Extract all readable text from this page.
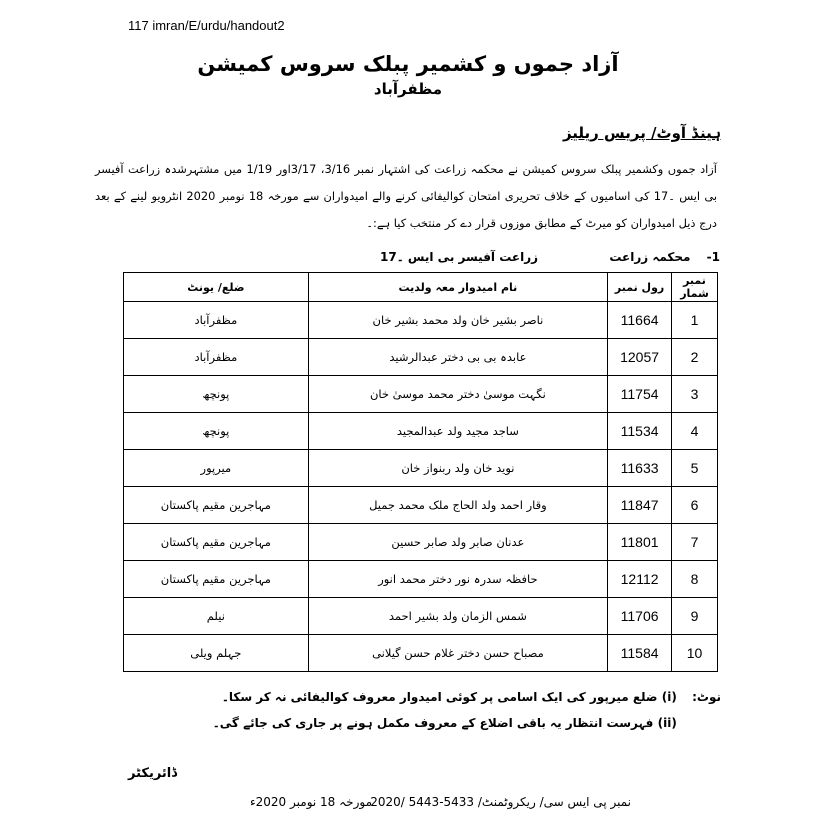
117 imran/E/urdu/handout2
آزاد جموں و کشمیر پبلک سروس کمیشن
مظفرآباد
ہینڈ آوٹ/ پریس ریلیز
آزاد جموں وکشمیر پبلک سروس کمیشن نے محکمہ زراعت کی اشتہار نمبر 3/16، 3/17اور 1/19 میں مشتہرشدہ زراعت آفیسر بی ایس ۔17 کی اسامیوں کے خلاف تحریری امتحان کوالیفائی کرنے والے امیدواران سے مورخہ 18 نومبر 2020 انٹرویو لینے کے بعد درج ذیل امیدواران کو میرٹ کے مطابق موزوں قرار دے کر منتخب کیا ہے:۔
1- محکمہ زراعت
زراعت آفیسر بی ایس ۔17
نمبر شمار	رول نمبر	نام امیدوار معہ ولدیت	ضلع/ یونٹ
1	11664	ناصر بشیر خان ولد محمد بشیر خان	مظفرآباد
2	12057	عابدہ بی بی دختر عبدالرشید	مظفرآباد
3	11754	نگہت موسیٰ دختر محمد موسیٰ خان	پونچھ
4	11534	ساجد مجید ولد عبدالمجید	پونچھ
5	11633	نوید خان ولد ربنواز خان	میرپور
6	11847	وقار احمد ولد الحاج ملک محمد جمیل	مہاجرین مقیم پاکستان
7	11801	عدنان صابر ولد صابر حسین	مہاجرین مقیم پاکستان
8	12112	حافظہ سدرہ نور دختر محمد انور	مہاجرین مقیم پاکستان
9	11706	شمس الزمان ولد بشیر احمد	نیلم
10	11584	مصباح حسن دختر غلام حسن گیلانی	جہلم ویلی
نوٹ: (i) ضلع میرپور کی ایک اسامی پر کوئی امیدوار معروف کوالیفائی نہ کر سکا۔
(ii) فہرست انتظار یہ باقی اضلاع کے معروف مکمل ہونے پر جاری کی جائے گی۔
ڈائریکٹر
نمبر پی ایس سی/ ریکروٹمنٹ/ 5433-5443 /2020
مورخہ 18 نومبر 2020ء
